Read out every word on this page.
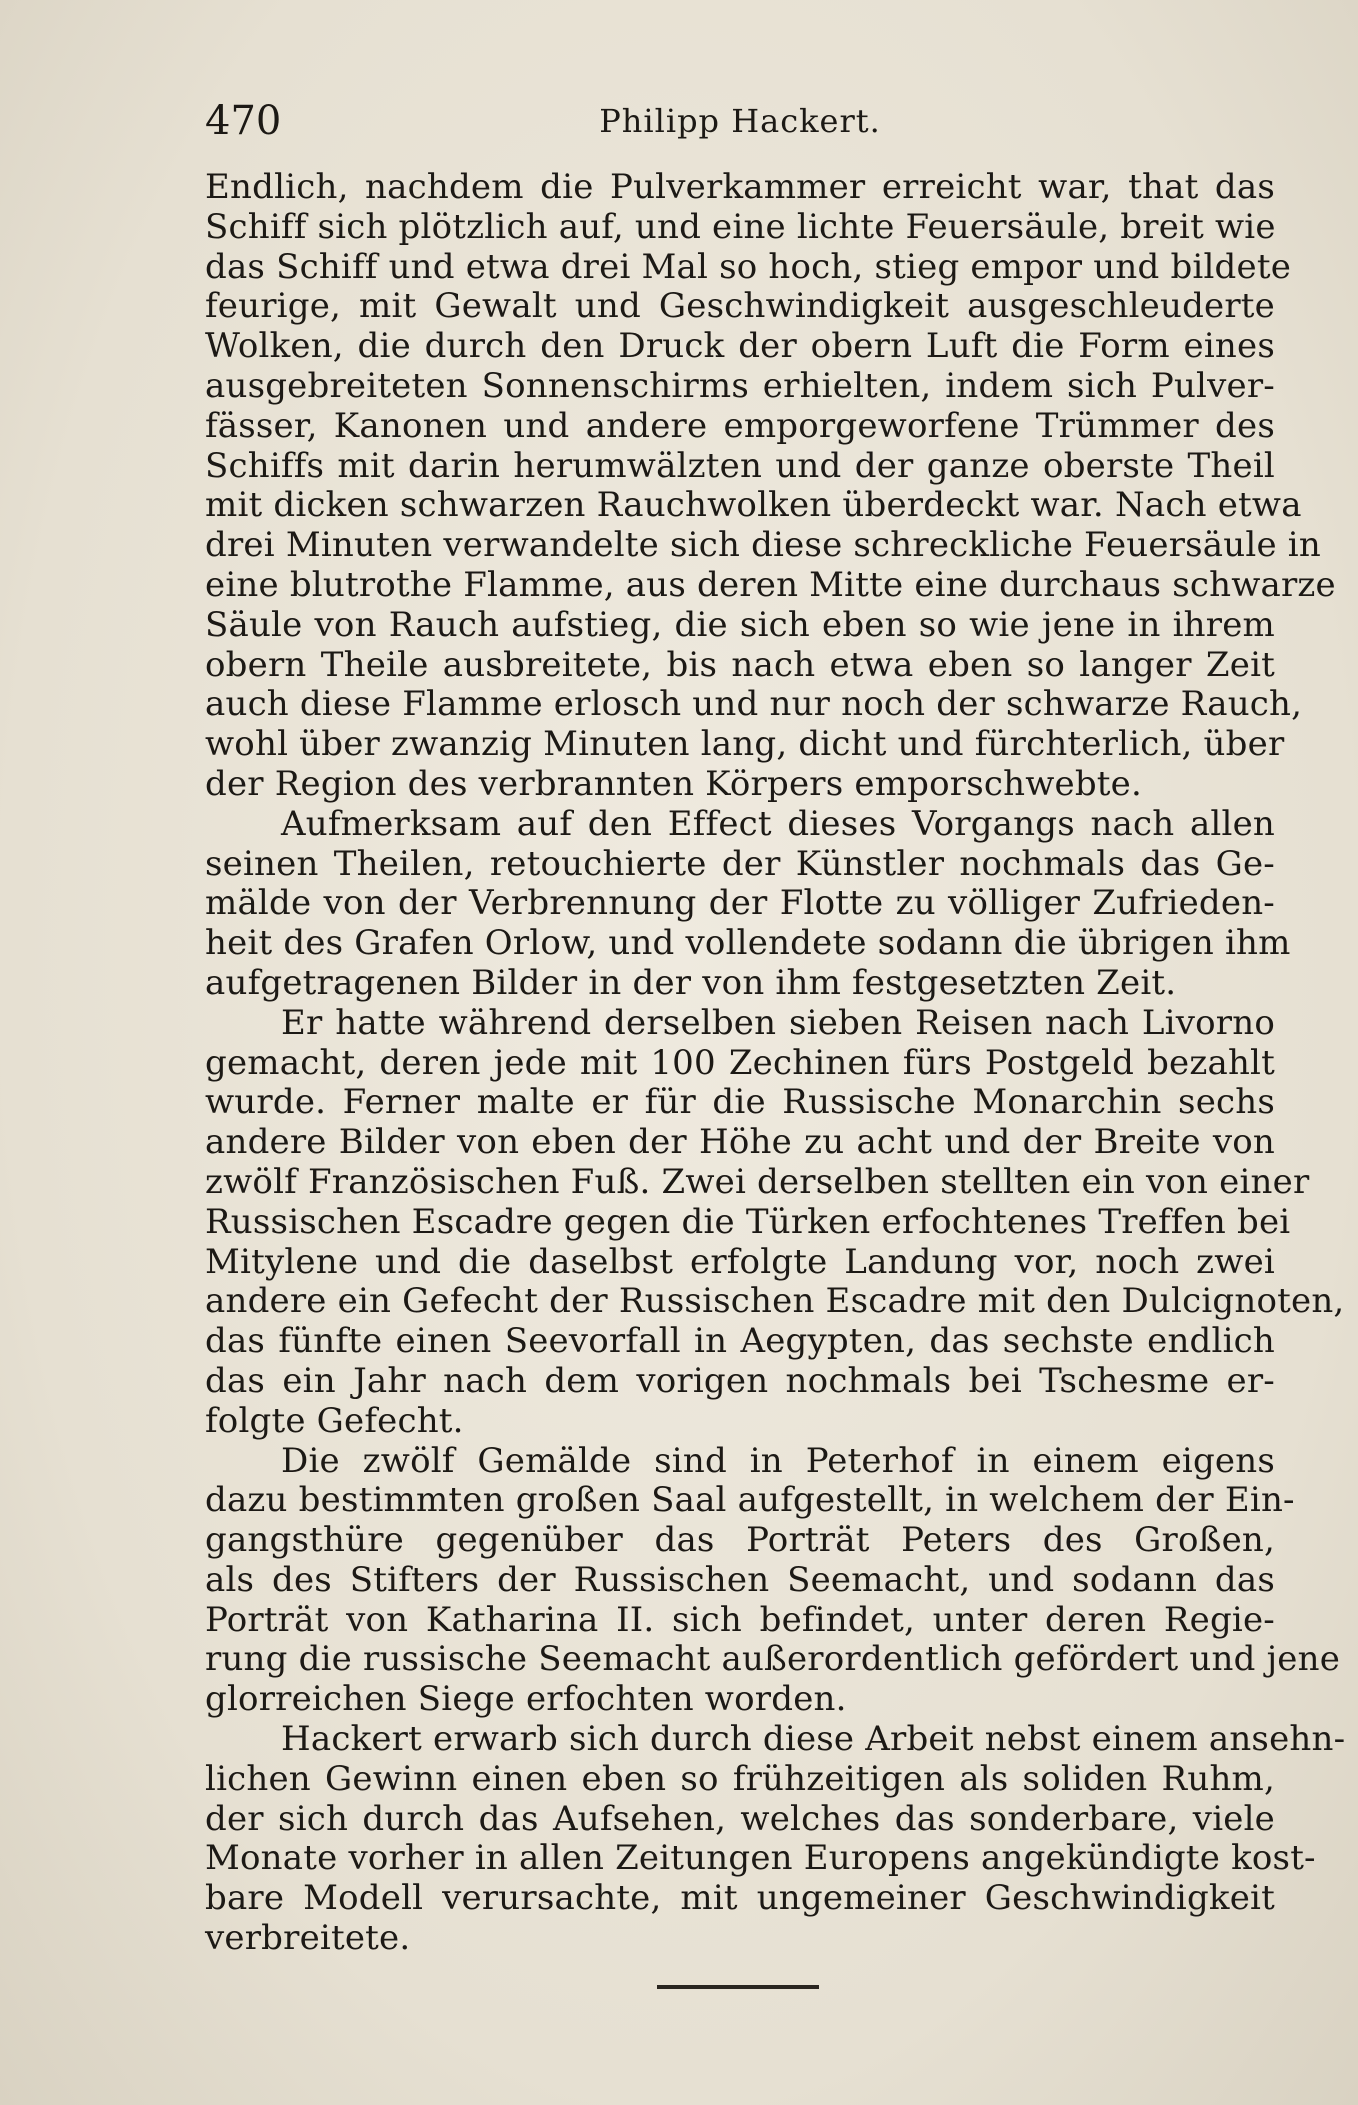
470	Philipp Hackert.
Endlich, nachdem die Pulverkammer erreicht war, that das
Schiff sich plötzlich auf, und eine lichte Feuersäule, breit wie
das Schiff und etwa drei Mal so hoch, stieg empor und bildete
feurige, mit Gewalt und Geschwindigkeit ausgeschleuderte
Wolken, die durch den Druck der obern Luft die Form eines
ausgebreiteten Sonnenschirms erhielten, indem sich Pulver-
fässer, Kanonen und andere emporgeworfene Trümmer des
Schiffs mit darin herumwälzten und der ganze oberste Theil
mit dicken schwarzen Rauchwolken überdeckt war. Nach etwa
drei Minuten verwandelte sich diese schreckliche Feuersäule in
eine blutrothe Flamme, aus deren Mitte eine durchaus schwarze
Säule von Rauch aufstieg, die sich eben so wie jene in ihrem
obern Theile ausbreitete, bis nach etwa eben so langer Zeit
auch diese Flamme erlosch und nur noch der schwarze Rauch,
wohl über zwanzig Minuten lang, dicht und fürchterlich, über
der Region des verbrannten Körpers emporschwebte.
Aufmerksam auf den Effect dieses Vorgangs nach allen
seinen Theilen, retouchierte der Künstler nochmals das Ge-
mälde von der Verbrennung der Flotte zu völliger Zufrieden-
heit des Grafen Orlow, und vollendete sodann die übrigen ihm
aufgetragenen Bilder in der von ihm festgesetzten Zeit.
Er hatte während derselben sieben Reisen nach Livorno
gemacht, deren jede mit 100 Zechinen fürs Postgeld bezahlt
wurde. Ferner malte er für die Russische Monarchin sechs
andere Bilder von eben der Höhe zu acht und der Breite von
zwölf Französischen Fuß. Zwei derselben stellten ein von einer
Russischen Escadre gegen die Türken erfochtenes Treffen bei
Mitylene und die daselbst erfolgte Landung vor, noch zwei
andere ein Gefecht der Russischen Escadre mit den Dulcignoten,
das fünfte einen Seevorfall in Aegypten, das sechste endlich
das ein Jahr nach dem vorigen nochmals bei Tschesme er-
folgte Gefecht.
Die zwölf Gemälde sind in Peterhof in einem eigens
dazu bestimmten großen Saal aufgestellt, in welchem der Ein-
gangsthüre gegenüber das Porträt Peters des Großen,
als des Stifters der Russischen Seemacht, und sodann das
Porträt von Katharina II. sich befindet, unter deren Regie-
rung die russische Seemacht außerordentlich gefördert und jene
glorreichen Siege erfochten worden.
Hackert erwarb sich durch diese Arbeit nebst einem ansehn-
lichen Gewinn einen eben so frühzeitigen als soliden Ruhm,
der sich durch das Aufsehen, welches das sonderbare, viele
Monate vorher in allen Zeitungen Europens angekündigte kost-
bare Modell verursachte, mit ungemeiner Geschwindigkeit
verbreitete.
